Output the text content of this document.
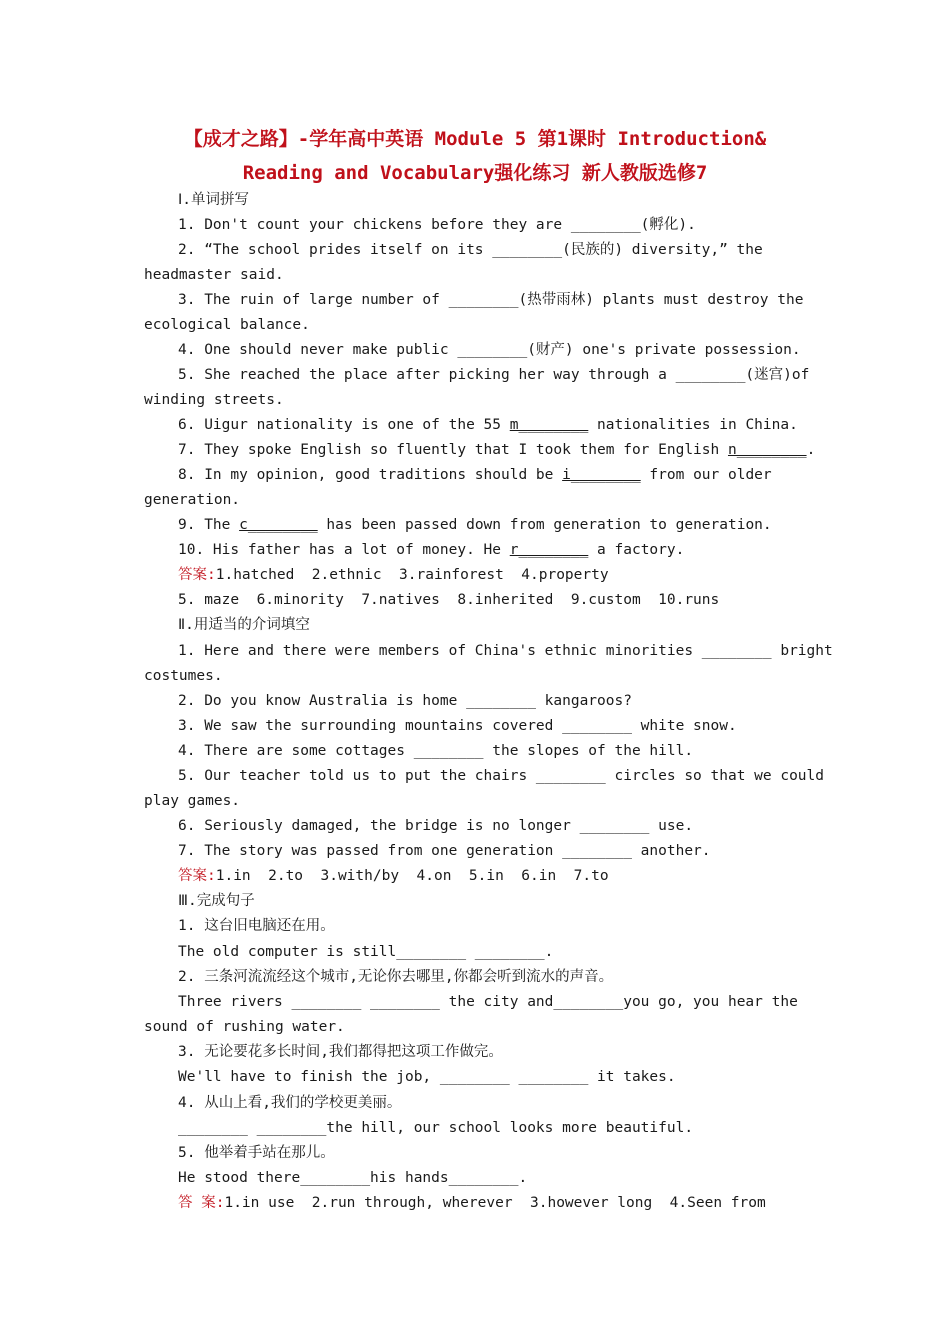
【成才之路】-学年高中英语 Module 5 第1课时 Introduction&
Reading and Vocabulary强化练习 新人教版选修7
Ⅰ.单词拼写
1. Don't count your chickens before they are ________(孵化).
2. “The school prides itself on its ________(民族的) diversity,” the
headmaster said.
3. The ruin of large number of ________(热带雨林) plants must destroy the
ecological balance.
4. One should never make public ________(财产) one's private possession.
5. She reached the place after picking her way through a ________(迷宫)of
winding streets.
6. Uigur nationality is one of the 55 m________ nationalities in China.
7. They spoke English so fluently that I took them for English n________.
8. In my opinion, good traditions should be i________ from our older
generation.
9. The c________ has been passed down from generation to generation.
10. His father has a lot of money. He r________ a factory.
答案:1.hatched  2.ethnic  3.rainforest  4.property
5. maze  6.minority  7.natives  8.inherited  9.custom  10.runs
Ⅱ.用适当的介词填空
1. Here and there were members of China's ethnic minorities ________ bright
costumes.
2. Do you know Australia is home ________ kangaroos?
3. We saw the surrounding mountains covered ________ white snow.
4. There are some cottages ________ the slopes of the hill.
5. Our teacher told us to put the chairs ________ circles so that we could
play games.
6. Seriously damaged, the bridge is no longer ________ use.
7. The story was passed from one generation ________ another.
答案:1.in  2.to  3.with/by  4.on  5.in  6.in  7.to
Ⅲ.完成句子
1. 这台旧电脑还在用。
The old computer is still________ ________.
2. 三条河流流经这个城市,无论你去哪里,你都会听到流水的声音。
Three rivers ________ ________ the city and________you go, you hear the
sound of rushing water.
3. 无论要花多长时间,我们都得把这项工作做完。
We'll have to finish the job, ________ ________ it takes.
4. 从山上看,我们的学校更美丽。
________ ________the hill, our school looks more beautiful.
5. 他举着手站在那儿。
He stood there________his hands________.
答 案:1.in use  2.run through, wherever  3.however long  4.Seen from
